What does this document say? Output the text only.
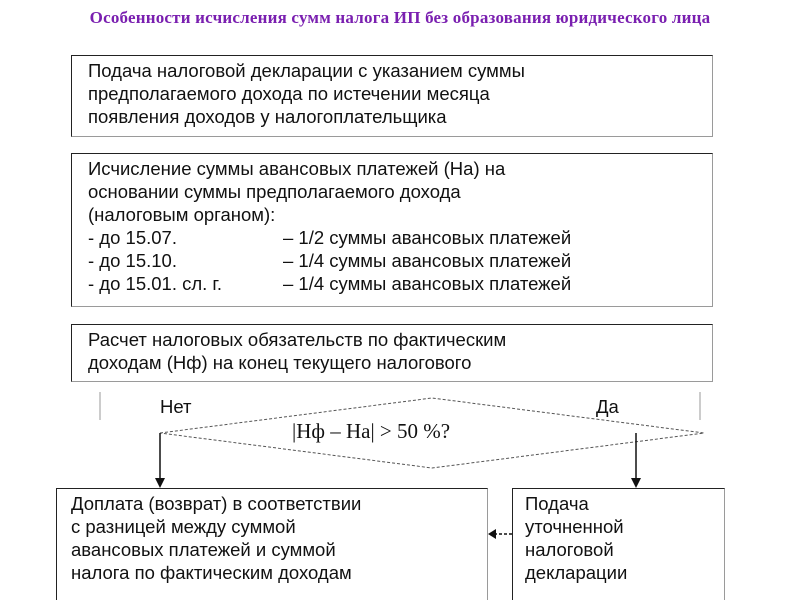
Особенности исчисления сумм налога ИП без образования юридического лица
Подача налоговой декларации с указанием суммы
предполагаемого дохода по истечении месяца
появления доходов у налогоплательщика
Исчисление суммы авансовых платежей (На) на
основании суммы предполагаемого дохода
(налоговым органом):
- до 15.07.	– 1/2 суммы авансовых платежей
- до 15.10.	– 1/4 суммы авансовых платежей
- до 15.01. сл. г.	– 1/4 суммы авансовых платежей
Расчет налоговых обязательств по фактическим
доходам (Нф) на конец текущего налогового
Нет	Да
|Нф – На| > 50 %?
Доплата (возврат) в соответствии
с разницей между суммой
авансовых платежей и суммой
налога по фактическим доходам
Подача
уточненной
налоговой
декларации
